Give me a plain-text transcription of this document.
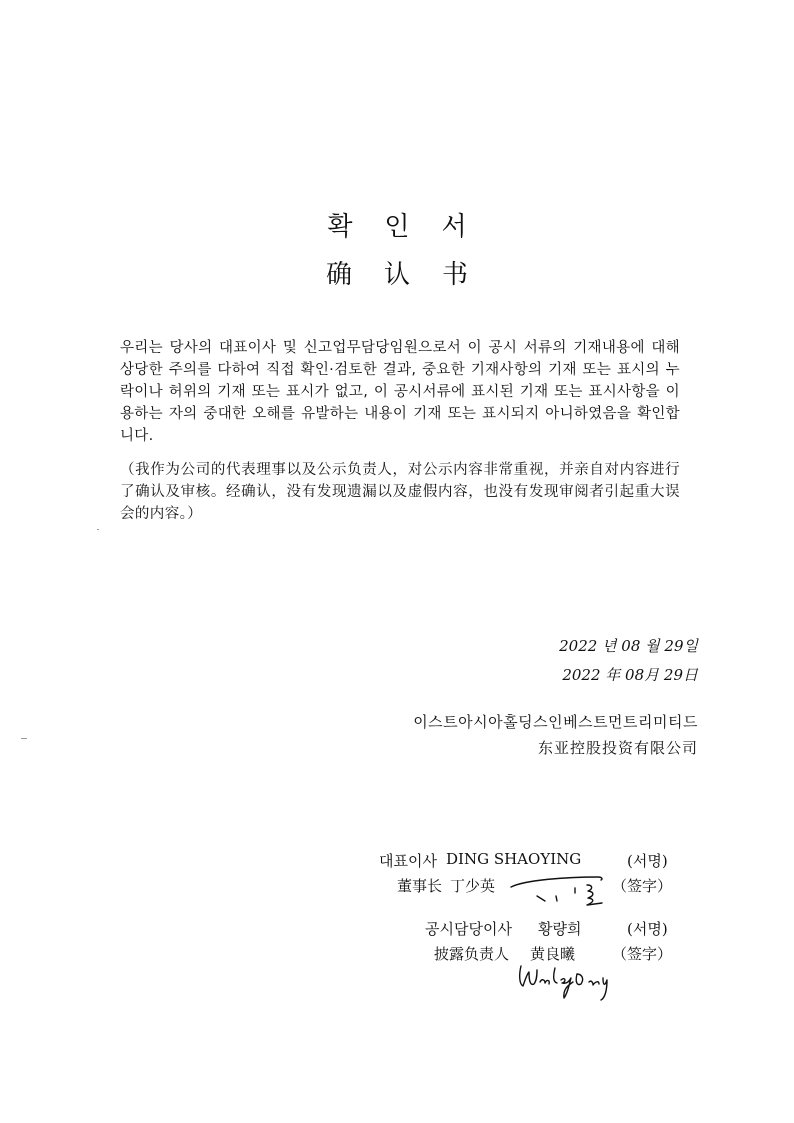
확인서
确认书
우리는 당사의 대표이사 및 신고업무담당임원으로서 이 공시 서류의 기재내용에 대해 상당한 주의를 다하여 직접 확인·검토한 결과, 중요한 기재사항의 기재 또는 표시의 누락이나 허위의 기재 또는 표시가 없고, 이 공시서류에 표시된 기재 또는 표시사항을 이용하는 자의 중대한 오해를 유발하는 내용이 기재 또는 표시되지 아니하였음을 확인합니다.
（我作为公司的代表理事以及公示负责人，对公示内容非常重视，并亲自对内容进行了确认及审核。经确认，没有发现遗漏以及虚假内容，也没有发现审阅者引起重大误会的内容。）
2022 년 08 월 29일
2022 年 08月 29日
이스트아시아홀딩스인베스트먼트리미티드
东亚控股投资有限公司
대표이사 DING SHAOYING	(서명)
董事长 丁少英	（签字）
공시담당이사 황량희	(서명)
披露负责人 黄良曦 （签字）
